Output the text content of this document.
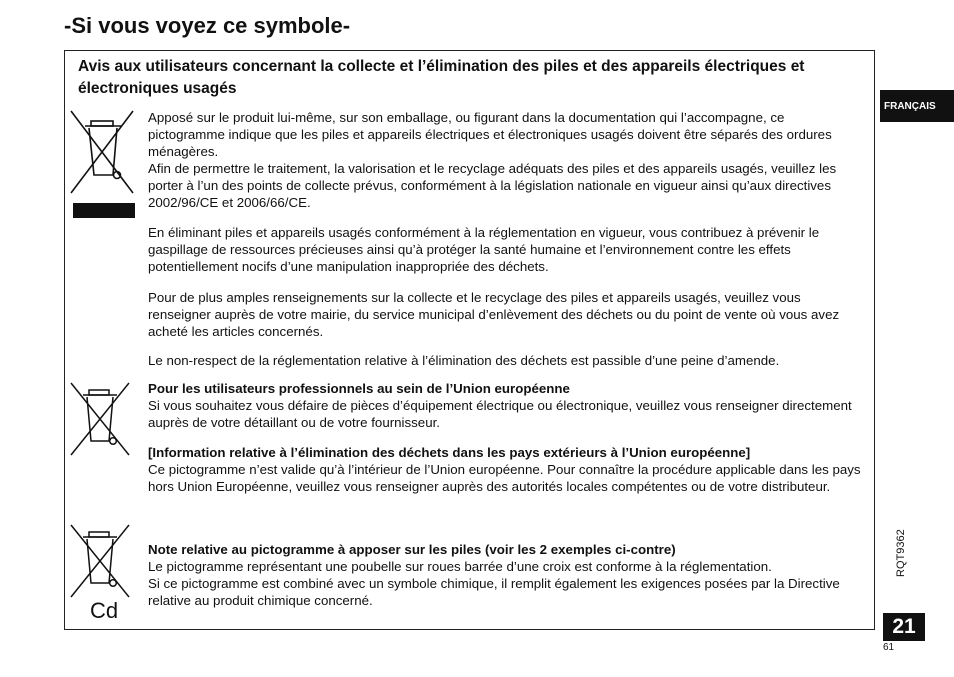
-Si vous voyez ce symbole-
Avis aux utilisateurs concernant la collecte et l’élimination des piles et des appareils électriques et électroniques usagés

Apposé sur le produit lui-même, sur son emballage, ou figurant dans la documentation qui l’accompagne, ce pictogramme indique que les piles et appareils électriques et électroniques usagés doivent être séparés des ordures ménagères.
Afin de permettre le traitement, la valorisation et le recyclage adéquats des piles et des appareils usagés, veuillez les porter à l’un des points de collecte prévus, conformément à la législation nationale en vigueur ainsi qu’aux directives 2002/96/CE et 2006/66/CE.

En éliminant piles et appareils usagés conformément à la réglementation en vigueur, vous contribuez à prévenir le gaspillage de ressources précieuses ainsi qu’à protéger la santé humaine et l’environnement contre les effets potentiellement nocifs d’une manipulation inappropriée des déchets.

Pour de plus amples renseignements sur la collecte et le recyclage des piles et appareils usagés, veuillez vous renseigner auprès de votre mairie, du service municipal d’enlèvement des déchets ou du point de vente où vous avez acheté les articles concernés.

Le non-respect de la réglementation relative à l’élimination des déchets est passible d’une peine d’amende.

Pour les utilisateurs professionnels au sein de l’Union européenne
Si vous souhaitez vous défaire de pièces d’équipement électrique ou électronique, veuillez vous renseigner directement auprès de votre détaillant ou de votre fournisseur.

[Information relative à l’élimination des déchets dans les pays extérieurs à l’Union européenne]
Ce pictogramme n’est valide qu’à l’intérieur de l’Union européenne. Pour connaître la procédure applicable dans les pays hors Union Européenne, veuillez vous renseigner auprès des autorités locales compétentes ou de votre distributeur.

Cd

Note relative au pictogramme à apposer sur les piles (voir les 2 exemples ci-contre)
Le pictogramme représentant une poubelle sur roues barrée d’une croix est conforme à la réglementation.
Si ce pictogramme est combiné avec un symbole chimique, il remplit également les exigences posées par la Directive relative au produit chimique concerné.

FRANÇAIS
RQT9362
21
61
